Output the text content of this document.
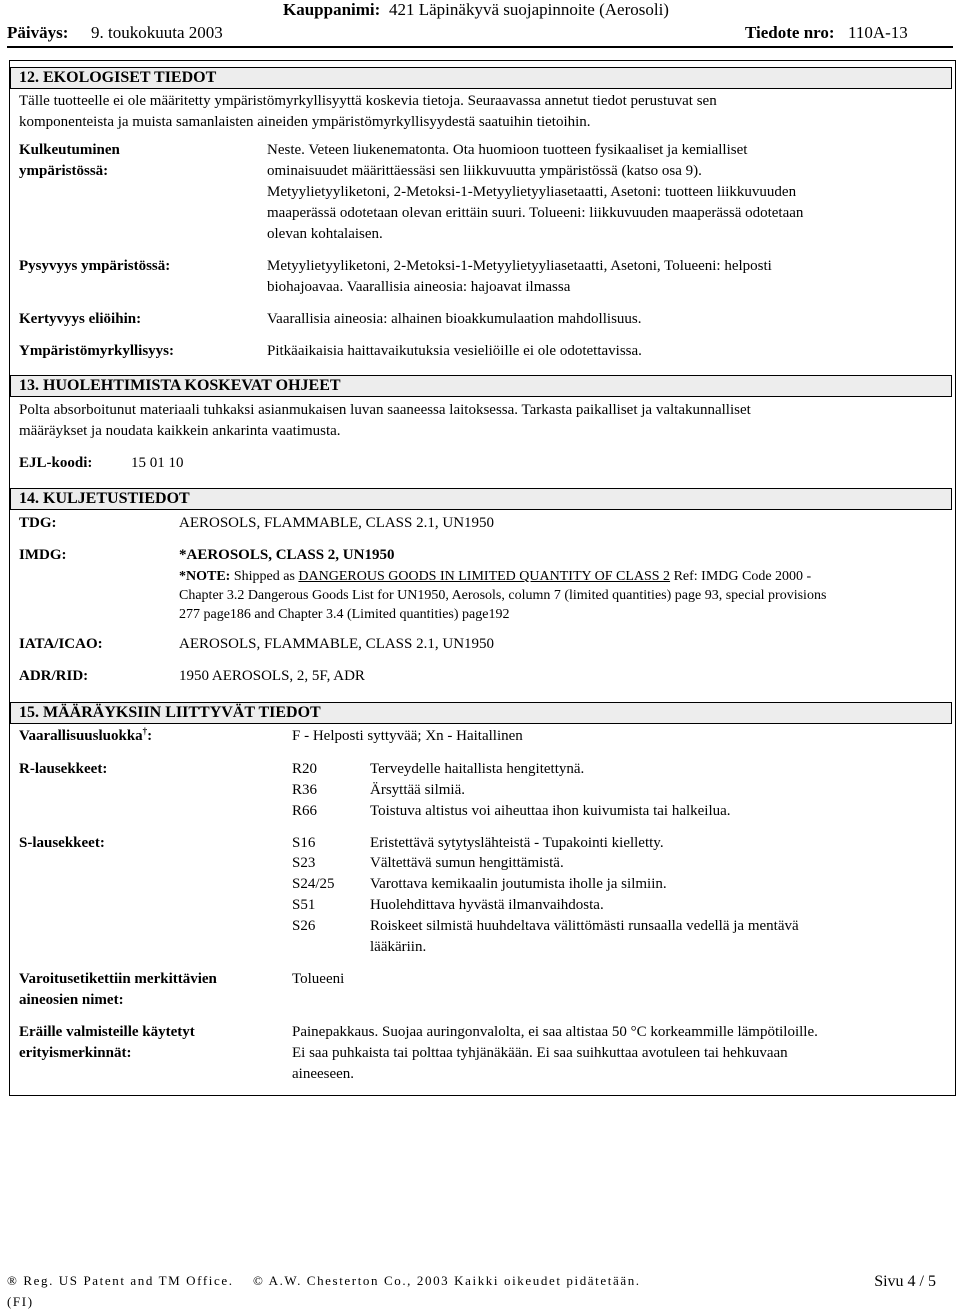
Kauppanimi: 421 Läpinäkyvä suojapinnoite (Aerosoli)
Päiväys: 9. toukokuuta 2003	Tiedote nro: 110A-13
12. EKOLOGISET TIEDOT
Tälle tuotteelle ei ole määritetty ympäristömyrkyllisyyttä koskevia tietoja. Seuraavassa annetut tiedot perustuvat sen
komponenteista ja muista samanlaisten aineiden ympäristömyrkyllisyydestä saatuihin tietoihin.
Kulkeutuminen
ympäristössä:
Neste. Veteen liukenematonta. Ota huomioon tuotteen fysikaaliset ja kemialliset
ominaisuudet määrittäessäsi sen liikkuvuutta ympäristössä (katso osa 9).
Metyylietyyliketoni, 2-Metoksi-1-Metyylietyyliasetaatti, Asetoni: tuotteen liikkuvuuden
maaperässä odotetaan olevan erittäin suuri. Tolueeni: liikkuvuuden maaperässä odotetaan
olevan kohtalaisen.
Pysyvyys ympäristössä:	Metyylietyyliketoni, 2-Metoksi-1-Metyylietyyliasetaatti, Asetoni, Tolueeni: helposti
biohajoavaa. Vaarallisia aineosia: hajoavat ilmassa
Kertyvyys eliöihin:	Vaarallisia aineosia: alhainen bioakkumulaation mahdollisuus.
Ympäristömyrkyllisyys:	Pitkäaikaisia haittavaikutuksia vesieliöille ei ole odotettavissa.
13. HUOLEHTIMISTA KOSKEVAT OHJEET
Polta absorboitunut materiaali tuhkaksi asianmukaisen luvan saaneessa laitoksessa. Tarkasta paikalliset ja valtakunnalliset
määräykset ja noudata kaikkein ankarinta vaatimusta.
EJL-koodi:	15 01 10
14. KULJETUSTIEDOT
TDG:	AEROSOLS, FLAMMABLE, CLASS 2.1, UN1950
IMDG:	*AEROSOLS, CLASS 2, UN1950
*NOTE: Shipped as DANGEROUS GOODS IN LIMITED QUANTITY OF CLASS 2 Ref: IMDG Code 2000 -
Chapter 3.2 Dangerous Goods List for UN1950, Aerosols, column 7 (limited quantities) page 93, special provisions
277 page186 and Chapter 3.4 (Limited quantities) page192
IATA/ICAO:	AEROSOLS, FLAMMABLE, CLASS 2.1, UN1950
ADR/RID:	1950 AEROSOLS, 2, 5F, ADR
15. MÄÄRÄYKSIIN LIITTYVÄT TIEDOT
Vaarallisuusluokka†:	F - Helposti syttyvää; Xn - Haitallinen
R-lausekkeet:	R20	Terveydelle haitallista hengitettynä.
R36	Ärsyttää silmiä.
R66	Toistuva altistus voi aiheuttaa ihon kuivumista tai halkeilua.
S-lausekkeet:	S16	Eristettävä sytytyslähteistä - Tupakointi kielletty.
S23	Vältettävä sumun hengittämistä.
S24/25 Varottava kemikaalin joutumista iholle ja silmiin.
S51	Huolehdittava hyvästä ilmanvaihdosta.
S26	Roiskeet silmistä huuhdeltava välittömästi runsaalla vedellä ja mentävä
lääkäriin.
Varoitusetikettiin merkittävien
aineosien nimet:
Tolueeni
Eräille valmisteille käytetyt
erityismerkinnät:
Painepakkaus. Suojaa auringonvalolta, ei saa altistaa 50 °C korkeammille lämpötiloille.
Ei saa puhkaista tai polttaa tyhjänäkään. Ei saa suihkuttaa avotuleen tai hehkuvaan
aineeseen.
® Reg. US Patent and TM Office. © A.W. Chesterton Co., 2003 Kaikki oikeudet pidätetään.
(FI)
Sivu 4 / 5
